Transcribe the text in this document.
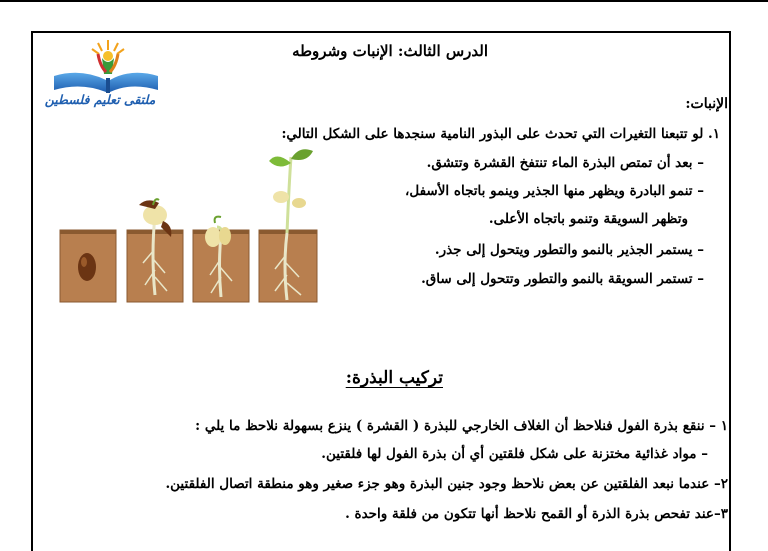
ملتقى تعليم فلسطين
الدرس الثالث: الإنبات وشروطه
الإنبات:
١. لو تتبعنا التغيرات التي تحدث على البذور النامية سنجدها على الشكل التالي:
– بعد أن تمتص البذرة الماء تنتفخ القشرة وتتشق.
– تنمو البادرة ويظهر منها الجذير وينمو باتجاه الأسفل،
وتظهر السويقة وتنمو باتجاه الأعلى.
– يستمر الجذير بالنمو والتطور ويتحول إلى جذر.
– تستمر السويقة بالنمو والتطور وتتحول إلى ساق.
تركيب البذرة:
١ – ننقع بذرة الفول فنلاحظ أن الغلاف الخارجي للبذرة ( القشرة ) ينزع بسهولة نلاحظ ما يلي :
– مواد غذائية مختزنة على شكل فلقتين أي أن بذرة الفول لها فلقتين.
٢– عندما نبعد الفلقتين عن بعض نلاحظ وجود جنين البذرة وهو جزء صغير وهو منطقة اتصال الفلقتين.
٣–عند تفحص بذرة الذرة أو القمح نلاحظ أنها تتكون من فلقة واحدة .
